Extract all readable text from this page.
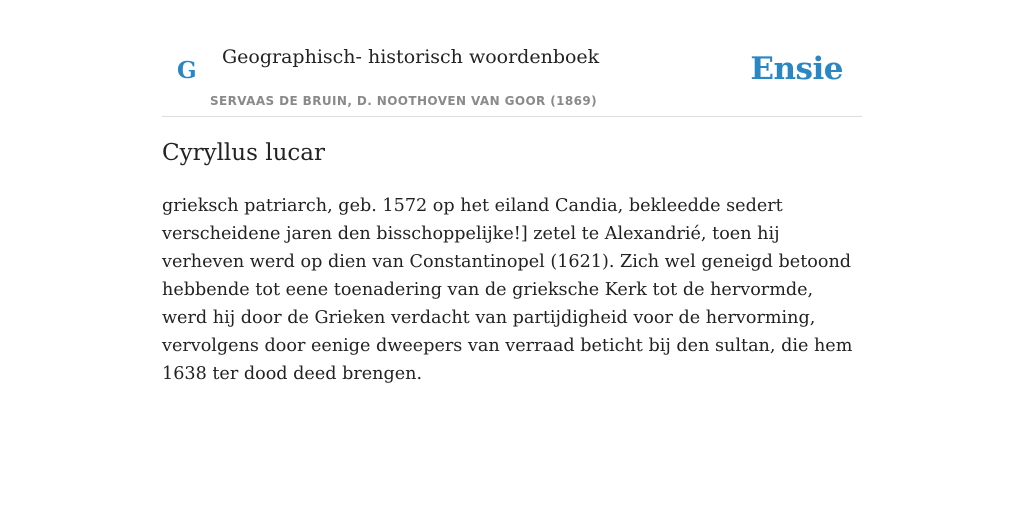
G Geographisch- historisch woordenboek
SERVAAS DE BRUIN, D. NOOTHOVEN VAN GOOR (1869)
Ensie
Cyryllus lucar

grieksch patriarch, geb. 1572 op het eiland Candia, bekleedde sedert verscheidene jaren den bisschoppelijke!] zetel te Alexandrié, toen hij verheven werd op dien van Constantinopel (1621). Zich wel geneigd betoond hebbende tot eene toenadering van de grieksche Kerk tot de hervormde, werd hij door de Grieken verdacht van partijdigheid voor de hervorming, vervolgens door eenige dweepers van verraad beticht bij den sultan, die hem 1638 ter dood deed brengen.
